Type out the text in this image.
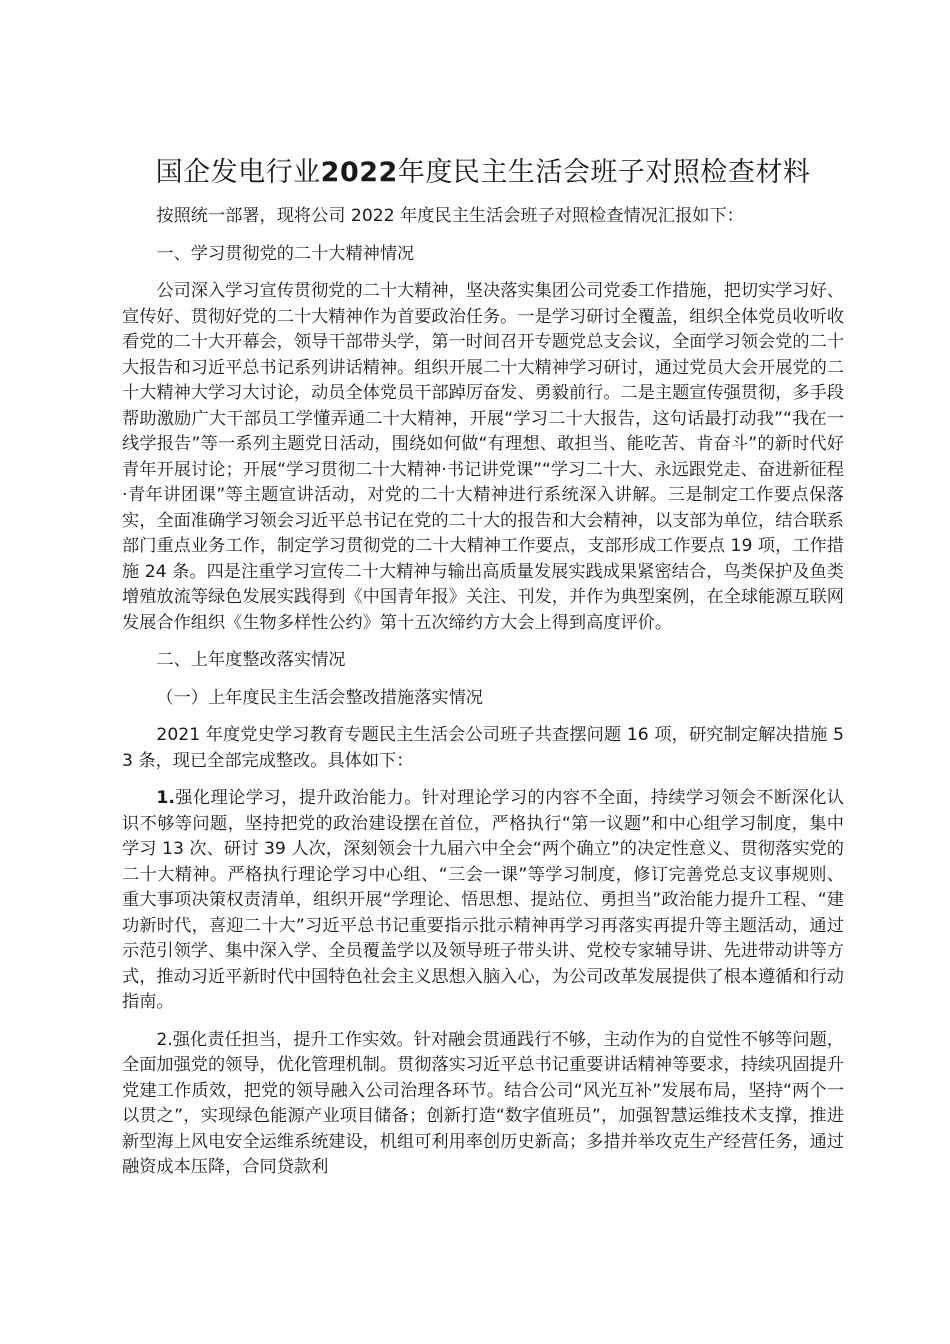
国企发电行业2022年度民主生活会班子对照检查材料

按照统一部署，现将公司 2022 年度民主生活会班子对照检查情况汇报如下：

一、学习贯彻党的二十大精神情况

公司深入学习宣传贯彻党的二十大精神，坚决落实集团公司党委工作措施，把切实学习好、宣传好、贯彻好党的二十大精神作为首要政治任务。一是学习研讨全覆盖，组织全体党员收听收看党的二十大开幕会，领导干部带头学，第一时间召开专题党总支会议，全面学习领会党的二十大报告和习近平总书记系列讲话精神。组织开展二十大精神学习研讨，通过党员大会开展党的二十大精神大学习大讨论，动员全体党员干部踔厉奋发、勇毅前行。二是主题宣传强贯彻，多手段帮助激励广大干部员工学懂弄通二十大精神，开展“学习二十大报告，这句话最打动我”“我在一线学报告”等一系列主题党日活动，围绕如何做“有理想、敢担当、能吃苦、肯奋斗”的新时代好青年开展讨论；开展“学习贯彻二十大精神·书记讲党课”“学习二十大、永远跟党走、奋进新征程·青年讲团课”等主题宣讲活动，对党的二十大精神进行系统深入讲解。三是制定工作要点保落实，全面准确学习领会习近平总书记在党的二十大的报告和大会精神，以支部为单位，结合联系部门重点业务工作，制定学习贯彻党的二十大精神工作要点，支部形成工作要点 19 项，工作措施 24 条。四是注重学习宣传二十大精神与输出高质量发展实践成果紧密结合，鸟类保护及鱼类增殖放流等绿色发展实践得到《中国青年报》关注、刊发，并作为典型案例，在全球能源互联网发展合作组织《生物多样性公约》第十五次缔约方大会上得到高度评价。

二、上年度整改落实情况

（一）上年度民主生活会整改措施落实情况

2021 年度党史学习教育专题民主生活会公司班子共查摆问题 16 项，研究制定解决措施 53 条，现已全部完成整改。具体如下：

1.强化理论学习，提升政治能力。针对理论学习的内容不全面，持续学习领会不断深化认识不够等问题，坚持把党的政治建设摆在首位，严格执行“第一议题”和中心组学习制度，集中学习 13 次、研讨 39 人次，深刻领会十九届六中全会“两个确立”的决定性意义、贯彻落实党的二十大精神。严格执行理论学习中心组、“三会一课”等学习制度，修订完善党总支议事规则、重大事项决策权责清单，组织开展“学理论、悟思想、提站位、勇担当”政治能力提升工程、“建功新时代，喜迎二十大”习近平总书记重要指示批示精神再学习再落实再提升等主题活动，通过示范引领学、集中深入学、全员覆盖学以及领导班子带头讲、党校专家辅导讲、先进带动讲等方式，推动习近平新时代中国特色社会主义思想入脑入心，为公司改革发展提供了根本遵循和行动指南。

2.强化责任担当，提升工作实效。针对融会贯通践行不够，主动作为的自觉性不够等问题，全面加强党的领导，优化管理机制。贯彻落实习近平总书记重要讲话精神等要求，持续巩固提升党建工作质效，把党的领导融入公司治理各环节。结合公司“风光互补”发展布局，坚持“两个一以贯之”，实现绿色能源产业项目储备；创新打造“数字值班员”，加强智慧运维技术支撑，推进新型海上风电安全运维系统建设，机组可利用率创历史新高；多措并举攻克生产经营任务，通过融资成本压降，合同贷款利
